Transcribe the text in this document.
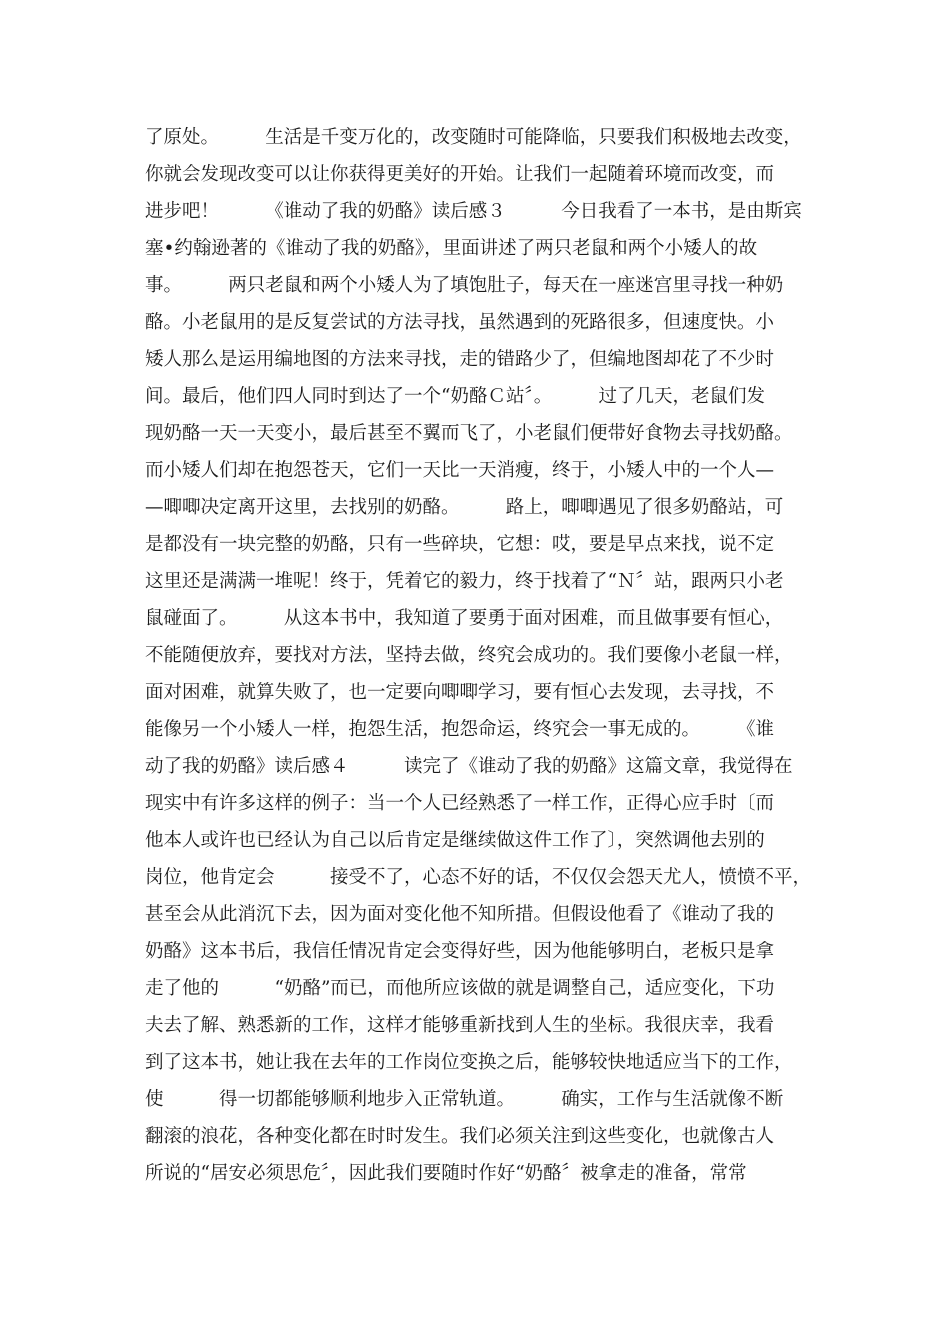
了原处。　　　生活是千变万化的，改变随时可能降临，只要我们积极地去改变，
你就会发现改变可以让你获得更美好的开始。让我们一起随着环境而改变，而
进步吧！　　　《谁动了我的奶酪》读后感３　　　今日我看了一本书，是由斯宾
塞•约翰逊著的《谁动了我的奶酪》，里面讲述了两只老鼠和两个小矮人的故
事。　　　两只老鼠和两个小矮人为了填饱肚子，每天在一座迷宫里寻找一种奶
酪。小老鼠用的是反复尝试的方法寻找，虽然遇到的死路很多，但速度快。小
矮人那么是运用编地图的方法来寻找，走的错路少了，但编地图却花了不少时
间。最后，他们四人同时到达了一个“奶酪Ｃ站〞。　　　过了几天，老鼠们发
现奶酪一天一天变小，最后甚至不翼而飞了，小老鼠们便带好食物去寻找奶酪。
而小矮人们却在抱怨苍天，它们一天比一天消瘦，终于，小矮人中的一个人—
—唧唧决定离开这里，去找别的奶酪。　　　路上，唧唧遇见了很多奶酪站，可
是都没有一块完整的奶酪，只有一些碎块，它想：哎，要是早点来找，说不定
这里还是满满一堆呢！终于，凭着它的毅力，终于找着了“Ｎ〞站，跟两只小老
鼠碰面了。　　　从这本书中，我知道了要勇于面对困难，而且做事要有恒心，
不能随便放弃，要找对方法，坚持去做，终究会成功的。我们要像小老鼠一样，
面对困难，就算失败了，也一定要向唧唧学习，要有恒心去发现，去寻找，不
能像另一个小矮人一样，抱怨生活，抱怨命运，终究会一事无成的。　　　《谁
动了我的奶酪》读后感４　　　读完了《谁动了我的奶酪》这篇文章，我觉得在
现实中有许多这样的例子：当一个人已经熟悉了一样工作，正得心应手时〔而
他本人或许也已经认为自己以后肯定是继续做这件工作了〕，突然调他去别的
岗位，他肯定会　　　接受不了，心态不好的话，不仅仅会怨天尤人，愤愤不平，
甚至会从此消沉下去，因为面对变化他不知所措。但假设他看了《谁动了我的
奶酪》这本书后，我信任情况肯定会变得好些，因为他能够明白，老板只是拿
走了他的　　　“奶酪”而已，而他所应该做的就是调整自己，适应变化，下功
夫去了解、熟悉新的工作，这样才能够重新找到人生的坐标。我很庆幸，我看
到了这本书，她让我在去年的工作岗位变换之后，能够较快地适应当下的工作，
使　　　得一切都能够顺利地步入正常轨道。　　　确实，工作与生活就像不断
翻滚的浪花，各种变化都在时时发生。我们必须关注到这些变化，也就像古人
所说的“居安必须思危〞，因此我们要随时作好“奶酪〞被拿走的准备，常常
